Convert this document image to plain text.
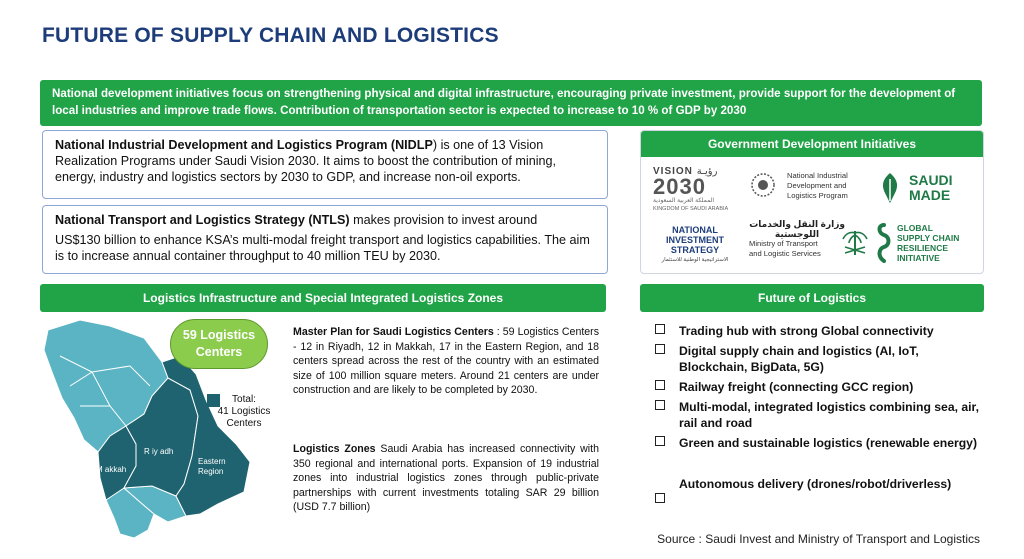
FUTURE OF SUPPLY CHAIN AND LOGISTICS
National development initiatives focus on strengthening physical and digital infrastructure, encouraging private investment, provide support for the development of local industries and improve trade flows. Contribution of transportation sector is expected to increase to 10 % of GDP by 2030
National Industrial Development and Logistics Program (NIDLP) is one of 13 Vision Realization Programs under Saudi Vision 2030. It aims to boost the contribution of mining, energy, industry and logistics sectors by 2030 to GDP, and increase non-oil exports.

National Transport and Logistics Strategy (NTLS) makes provision to invest around

US$130 billion to enhance KSA’s multi-modal freight transport and logistics capabilities. The aim is to increase annual container throughput to 40 million TEU by 2030.

Government Development Initiatives
VISION رؤيـة
2030
المملكة العربية السعودية
KINGDOM OF SAUDI ARABIA
National Industrial
Development and
Logistics Program
SAUDI
MADE
NATIONAL
INVESTMENT
STRATEGY
الاستراتيجية الوطنية للاستثمار
وزارة النقل والخدمات
اللوجستية
Ministry of Transport
and Logistic Services
GLOBAL
SUPPLY CHAIN
RESILIENCE
INITIATIVE
Logistics Infrastructure and Special Integrated Logistics Zones	Future of Logistics
R iy adh
M akkah
Eastern
Region
59 Logistics
Centers
Total:
41 Logistics
Centers
Master Plan for Saudi Logistics Centers : 59 Logistics Centers - 12 in Riyadh, 12 in Makkah, 17 in the Eastern Region, and 18 centers spread across the rest of the country with an estimated size of 100 million square meters. Around 21 centers are under construction and are likely to be completed by 2030.
Logistics Zones Saudi Arabia has increased connectivity with 350 regional and international ports. Expansion of 19 industrial zones into industrial logistics zones through public-private partnerships with current investments totaling SAR 29 billion (USD 7.7 billion)
Trading hub with strong Global connectivity
Digital supply chain and logistics (AI, IoT, Blockchain, BigData, 5G)
Railway freight (connecting GCC region)
Multi-modal, integrated logistics combining sea, air, rail and road
Green and sustainable logistics (renewable energy)
Autonomous delivery (drones/robot/driverless)
Source : Saudi Invest and Ministry of Transport and Logistics
